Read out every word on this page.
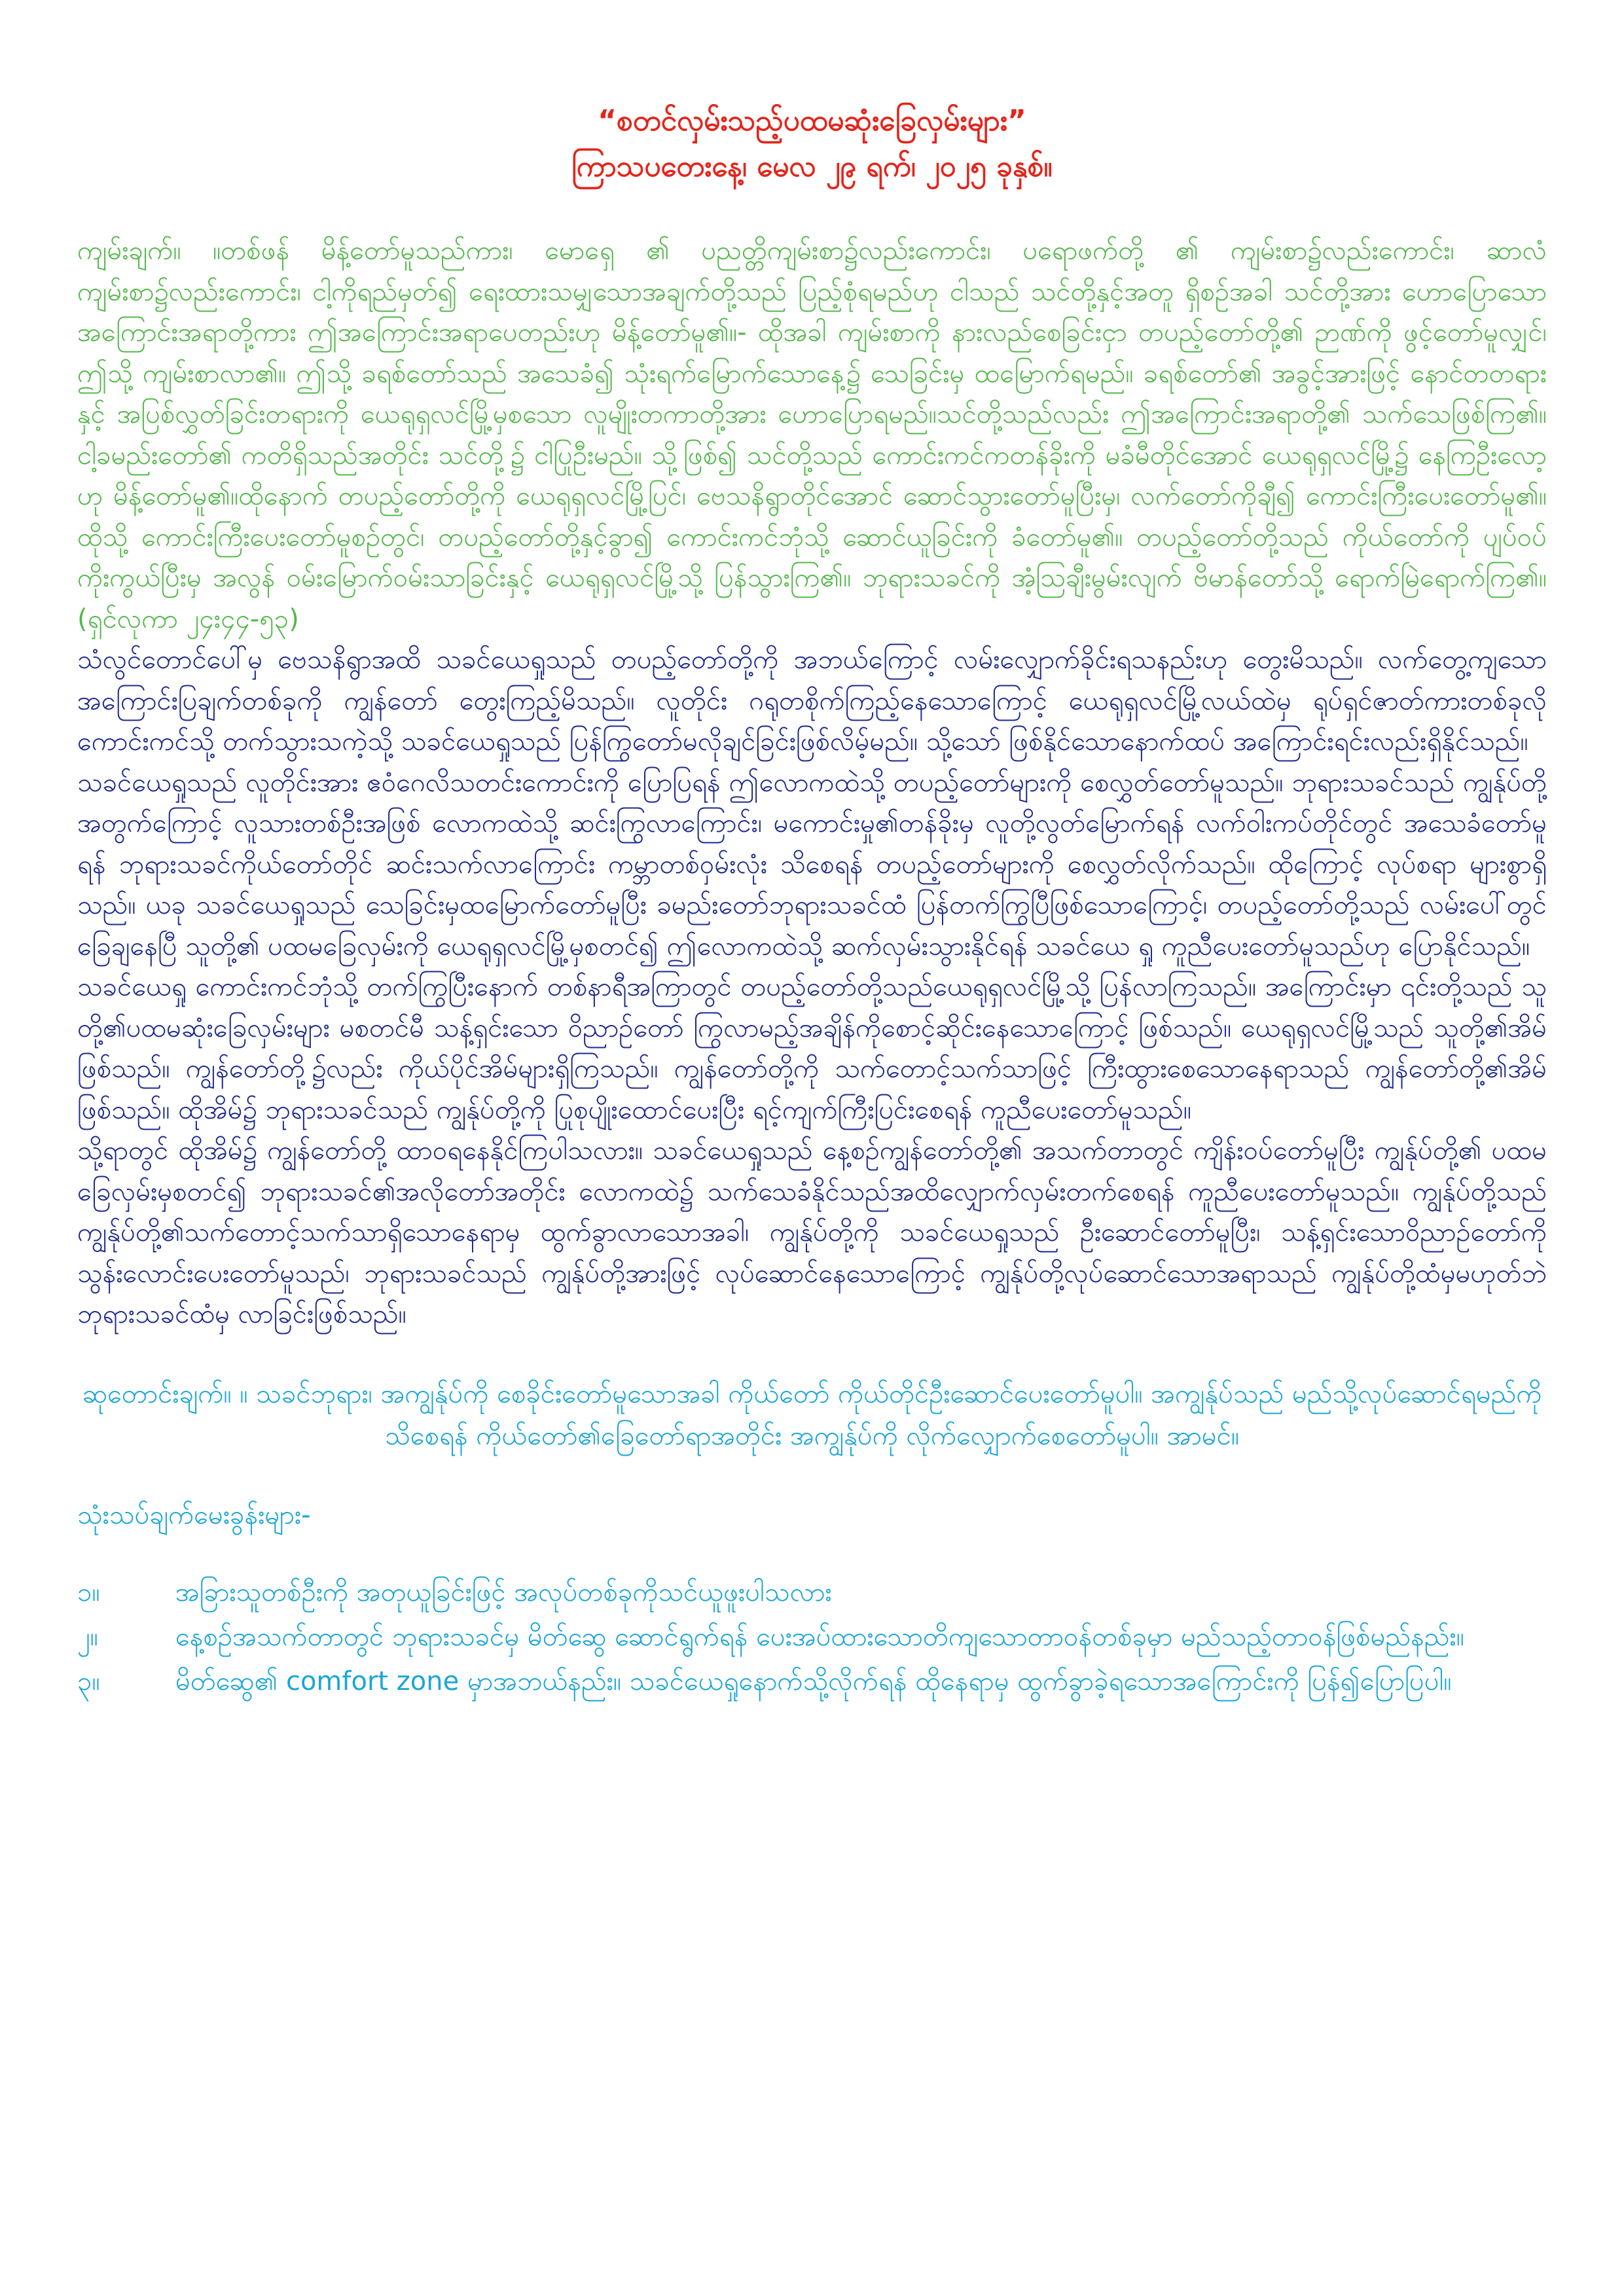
“စတင်လှမ်းသည့်ပထမဆုံးခြေလှမ်းများ”

ကြာသပတေးနေ့၊ မေလ ၂၉ ရက်၊ ၂၀၂၅ ခုနှစ်။

ကျမ်းချက်။ ။တစ်ဖန် မိန့်တော်မူသည်ကား၊ မောရှေ ၏ ပညတ္တိကျမ်းစာ၌လည်းကောင်း၊ ပရောဖက်တို့ ၏ ကျမ်းစာ၌လည်းကောင်း၊ ဆာလံကျမ်းစာ၌လည်းကောင်း၊ ငါ့ကိုရည်မှတ်၍ ရေးထားသမျှသောအချက်တို့သည် ပြည့်စုံရမည်ဟု ငါသည် သင်တို့နှင့်အတူ ရှိစဉ်အခါ သင်တို့အား ဟောပြောသောအကြောင်းအရာတို့ကား ဤအကြောင်းအရာပေတည်းဟု မိန့်တော်မူ၏။- ထိုအခါ ကျမ်းစာကို နားလည်စေခြင်းငှာ တပည့်တော်တို့၏ ဉာဏ်ကို ဖွင့်တော်မူလျှင်၊ဤသို့ ကျမ်းစာလာ၏။ ဤသို့ ခရစ်တော်သည် အသေခံ၍ သုံးရက်မြောက်သောနေ့၌ သေခြင်းမှ ထမြောက်ရမည်။ ခရစ်တော်၏ အခွင့်အားဖြင့် နောင်တတရားနှင့် အပြစ်လွှတ်ခြင်းတရားကို ယေရုရှလင်မြို့မှစသော လူမျိုးတကာတို့အား ဟောပြောရမည်။သင်တို့သည်လည်း ဤအကြောင်းအရာတို့၏ သက်သေဖြစ်ကြ၏။ ငါ့ခမည်းတော်၏ ကတိရှိသည်အတိုင်း သင်တို့၌ ငါပြုဦးမည်။ သို့ဖြစ်၍ သင်တို့သည် ကောင်းကင်ကတန်ခိုးကို မခံမီတိုင်အောင် ယေရုရှလင်မြို့၌ နေကြဦးလော့ဟု မိန့်တော်မူ၏။ထိုနောက် တပည့်တော်တို့ကို ယေရုရှလင်မြို့ပြင်၊ ဗေသနိရွာတိုင်အောင် ဆောင်သွားတော်မူပြီးမှ၊ လက်တော်ကိုချီ၍ ကောင်းကြီးပေးတော်မူ၏။ ထိုသို့ ကောင်းကြီးပေးတော်မူစဉ်တွင်၊ တပည့်တော်တို့နှင့်ခွာ၍ ကောင်းကင်ဘုံသို့ ဆောင်ယူခြင်းကို ခံတော်မူ၏။ တပည့်တော်တို့သည် ကိုယ်တော်ကို ပျပ်ဝပ်ကိုးကွယ်ပြီးမှ အလွန် ဝမ်းမြောက်ဝမ်းသာခြင်းနှင့် ယေရုရှလင်မြို့သို့ ပြန်သွားကြ၏။ ဘုရားသခင်ကို အံ့ဩချီးမွမ်းလျက် ဗိမာန်တော်သို့ ရောက်မြဲရောက်ကြ၏။(ရှင်လုကာ ၂၄း၄၄-၅၃)

သံလွင်တောင်ပေါ်မှ ဗေသနိရွာအထိ သခင်ယေရှုသည် တပည့်တော်တို့ကို အဘယ်ကြောင့် လမ်းလျှောက်ခိုင်းရသနည်းဟု တွေးမိသည်။ လက်တွေ့ကျသော အကြောင်းပြချက်တစ်ခုကို ကျွန်တော် တွေးကြည့်မိသည်။ လူတိုင်း ဂရုတစိုက်ကြည့်နေသောကြောင့် ယေရုရှလင်မြို့လယ်ထဲမှ ရုပ်ရှင်ဇာတ်ကားတစ်ခုလို ကောင်းကင်သို့ တက်သွားသကဲ့သို့ သခင်ယေရှုသည် ပြန်ကြွတော်မလိုချင်ခြင်းဖြစ်လိမ့်မည်။ သို့သော် ဖြစ်နိုင်သောနောက်ထပ် အကြောင်းရင်းလည်းရှိနိုင်သည်။

သခင်ယေရှုသည် လူတိုင်းအား ဧဝံဂေလိသတင်းကောင်းကို ပြောပြရန် ဤလောကထဲသို့ တပည့်တော်များကို စေလွှတ်တော်မူသည်။ ဘုရားသခင်သည် ကျွန်ုပ်တို့အတွက်ကြောင့် လူသားတစ်ဦးအဖြစ် လောကထဲသို့ ဆင်းကြွလာကြောင်း၊ မကောင်းမှု၏တန်ခိုးမှ လူတို့လွတ်မြောက်ရန် လက်ဝါးကပ်တိုင်တွင် အသေခံတော်မူရန် ဘုရားသခင်ကိုယ်တော်တိုင် ဆင်းသက်လာကြောင်း ကမ္ဘာတစ်ဝှမ်းလုံး သိစေရန် တပည့်တော်များကို စေလွှတ်လိုက်သည်။ ထိုကြောင့် လုပ်စရာ များစွာရှိသည်။ ယခု သခင်ယေရှုသည် သေခြင်းမှထမြောက်တော်မူပြီး ခမည်းတော်ဘုရားသခင်ထံ ပြန်တက်ကြွပြီဖြစ်သောကြောင့်၊ တပည့်တော်တို့သည် လမ်းပေါ်တွင် ခြေချနေပြီ သူတို့၏ ပထမခြေလှမ်းကို ယေရုရှလင်မြို့မှစတင်၍ ဤလောကထဲသို့ ဆက်လှမ်းသွားနိုင်ရန် သခင်ယေ ရှု ကူညီပေးတော်မူသည်ဟု ပြောနိုင်သည်။

သခင်ယေရှု ကောင်းကင်ဘုံသို့ တက်ကြွပြီးနောက် တစ်နာရီအကြာတွင် တပည့်တော်တို့သည်ယေရုရှလင်မြို့သို့ ပြန်လာကြသည်။ အကြောင်းမှာ ၎င်းတို့သည် သူတို့၏ပထမဆုံးခြေလှမ်းများ မစတင်မီ သန့်ရှင်းသော ဝိညာဉ်တော် ကြွလာမည့်အချိန်ကိုစောင့်ဆိုင်းနေသောကြောင့် ဖြစ်သည်။ ယေရုရှလင်မြို့သည် သူတို့၏အိမ်ဖြစ်သည်။ ကျွန်တော်တို့၌လည်း ကိုယ်ပိုင်အိမ်များရှိကြသည်။ ကျွန်တော်တို့ကို သက်တောင့်သက်သာဖြင့် ကြီးထွားစေသောနေရာသည် ကျွန်တော်တို့၏အိမ်ဖြစ်သည်။ ထိုအိမ်၌ ဘုရားသခင်သည် ကျွန်ုပ်တို့ကို ပြုစုပျိုးထောင်ပေးပြီး ရင့်ကျက်ကြီးပြင်းစေရန် ကူညီပေးတော်မူသည်။

သို့ရာတွင် ထိုအိမ်၌ ကျွန်တော်တို့ ထာဝရနေနိုင်ကြပါသလား။ သခင်ယေရှုသည် နေ့စဉ်ကျွန်တော်တို့၏ အသက်တာတွင် ကျိန်းဝပ်တော်မူပြီး ကျွန်ုပ်တို့၏ ပထမခြေလှမ်းမှစတင်၍ ဘုရားသခင်၏အလိုတော်အတိုင်း လောကထဲ၌ သက်သေခံနိုင်သည်အထိလျှောက်လှမ်းတက်စေရန် ကူညီပေးတော်မူသည်။ ကျွန်ုပ်တို့သည် ကျွန်ုပ်တို့၏သက်တောင့်သက်သာရှိသောနေရာမှ ထွက်ခွာလာသောအခါ၊ ကျွန်ုပ်တို့ကို သခင်ယေရှုသည် ဦးဆောင်တော်မူပြီး၊ သန့်ရှင်းသောဝိညာဉ်တော်ကို သွန်းလောင်းပေးတော်မူသည်၊ ဘုရားသခင်သည် ကျွန်ုပ်တို့အားဖြင့် လုပ်ဆောင်နေသောကြောင့် ကျွန်ုပ်တို့လုပ်ဆောင်သောအရာသည် ကျွန်ုပ်တို့ထံမှမဟုတ်ဘဲ ဘုရားသခင်ထံမှ လာခြင်းဖြစ်သည်။

ဆုတောင်းချက်။ ။ သခင်ဘုရား၊ အကျွန်ုပ်ကို စေခိုင်းတော်မူသောအခါ ကိုယ်တော် ကိုယ်တိုင်ဦးဆောင်ပေးတော်မူပါ။ အကျွန်ုပ်သည် မည်သို့လုပ်ဆောင်ရမည်ကို သိစေရန် ကိုယ်တော်၏ခြေတော်ရာအတိုင်း အကျွန်ုပ်ကို လိုက်လျှောက်စေတော်မူပါ။ အာမင်။

သုံးသပ်ချက်မေးခွန်းများ-

၁။	အခြားသူတစ်ဦးကို အတုယူခြင်းဖြင့် အလုပ်တစ်ခုကိုသင်ယူဖူးပါသလား
၂။	နေ့စဉ်အသက်တာတွင် ဘုရားသခင်မှ မိတ်ဆွေ ဆောင်ရွက်ရန် ပေးအပ်ထားသောတိကျသောတာဝန်တစ်ခုမှာ မည်သည့်တာဝန်ဖြစ်မည်နည်း။
၃။	မိတ်ဆွေ၏ comfort zone မှာအဘယ်နည်း။ သခင်ယေရှုနောက်သို့လိုက်ရန် ထိုနေရာမှ ထွက်ခွာခဲ့ရသောအကြောင်းကို ပြန်၍ပြောပြပါ။
